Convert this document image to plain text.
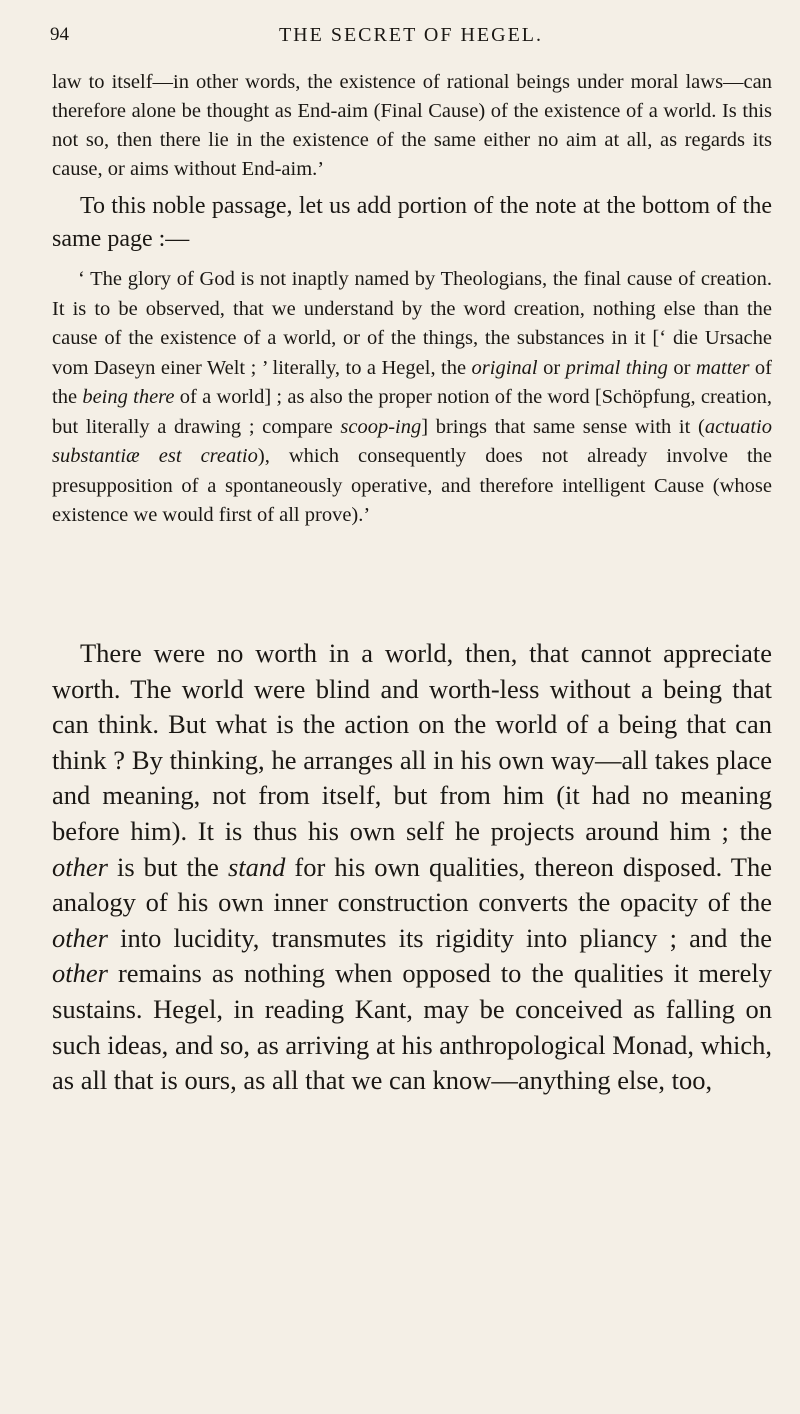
94	THE SECRET OF HEGEL.

law to itself—in other words, the existence of rational beings under moral laws—can therefore alone be thought as End-aim (Final Cause) of the existence of a world. Is this not so, then there lie in the existence of the same either no aim at all, as regards its cause, or aims without End-aim.’

To this noble passage, let us add portion of the note at the bottom of the same page :—

‘ The glory of God is not inaptly named by Theologians, the final cause of creation. It is to be observed, that we understand by the word creation, nothing else than the cause of the existence of a world, or of the things, the substances in it [‘ die Ursache vom Daseyn einer Welt ; ’ literally, to a Hegel, the original or primal thing or matter of the being there of a world] ; as also the proper notion of the word [Schöpfung, creation, but literally a drawing ; compare scoop-ing] brings that same sense with it (actuatio substantiæ est creatio), which consequently does not already involve the presupposition of a spontaneously operative, and therefore intelligent Cause (whose existence we would first of all prove).’

There were no worth in a world, then, that cannot appreciate worth. The world were blind and worth-less without a being that can think. But what is the action on the world of a being that can think ? By thinking, he arranges all in his own way—all takes place and meaning, not from itself, but from him (it had no meaning before him). It is thus his own self he projects around him ; the other is but the stand for his own qualities, thereon disposed. The analogy of his own inner construction converts the opacity of the other into lucidity, transmutes its rigidity into pliancy ; and the other remains as nothing when opposed to the qualities it merely sustains. Hegel, in reading Kant, may be conceived as falling on such ideas, and so, as arriving at his anthropological Monad, which, as all that is ours, as all that we can know—anything else, too,
